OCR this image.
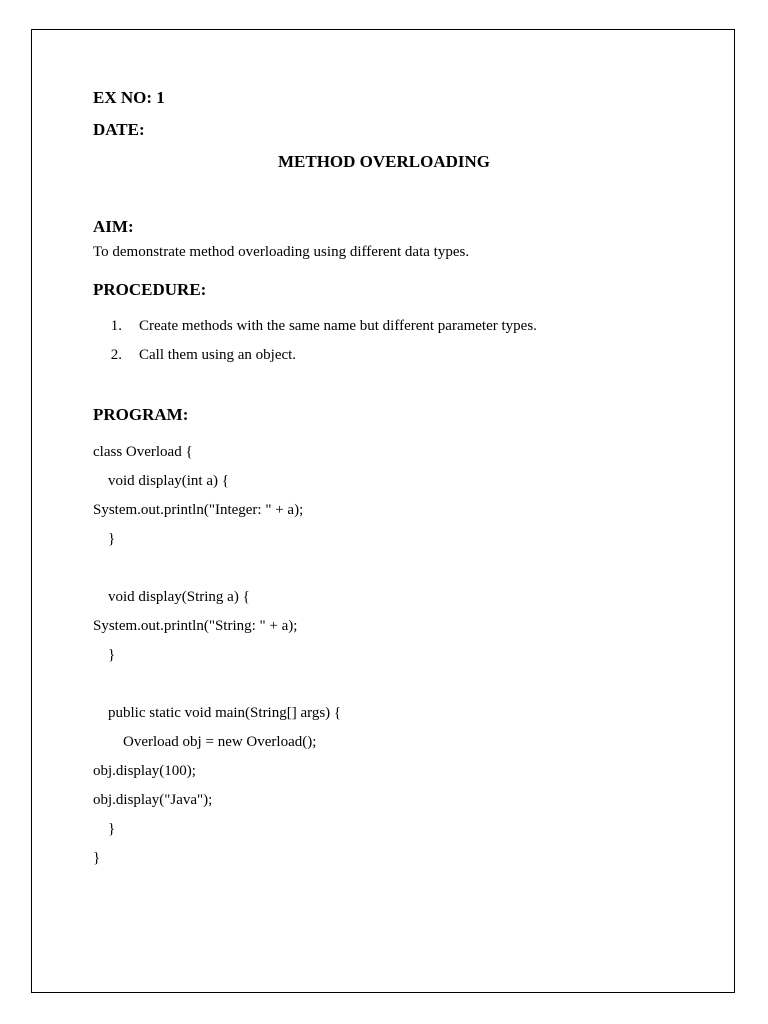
EX NO: 1
DATE:
METHOD OVERLOADING
AIM:
To demonstrate method overloading using different data types.
PROCEDURE:
1. Create methods with the same name but different parameter types.
2. Call them using an object.
PROGRAM:
class Overload {
void display(int a) {
System.out.println("Integer: " + a);
}
void display(String a) {
System.out.println("String: " + a);
}
public static void main(String[] args) {
Overload obj = new Overload();
obj.display(100);
obj.display("Java");
}
}
